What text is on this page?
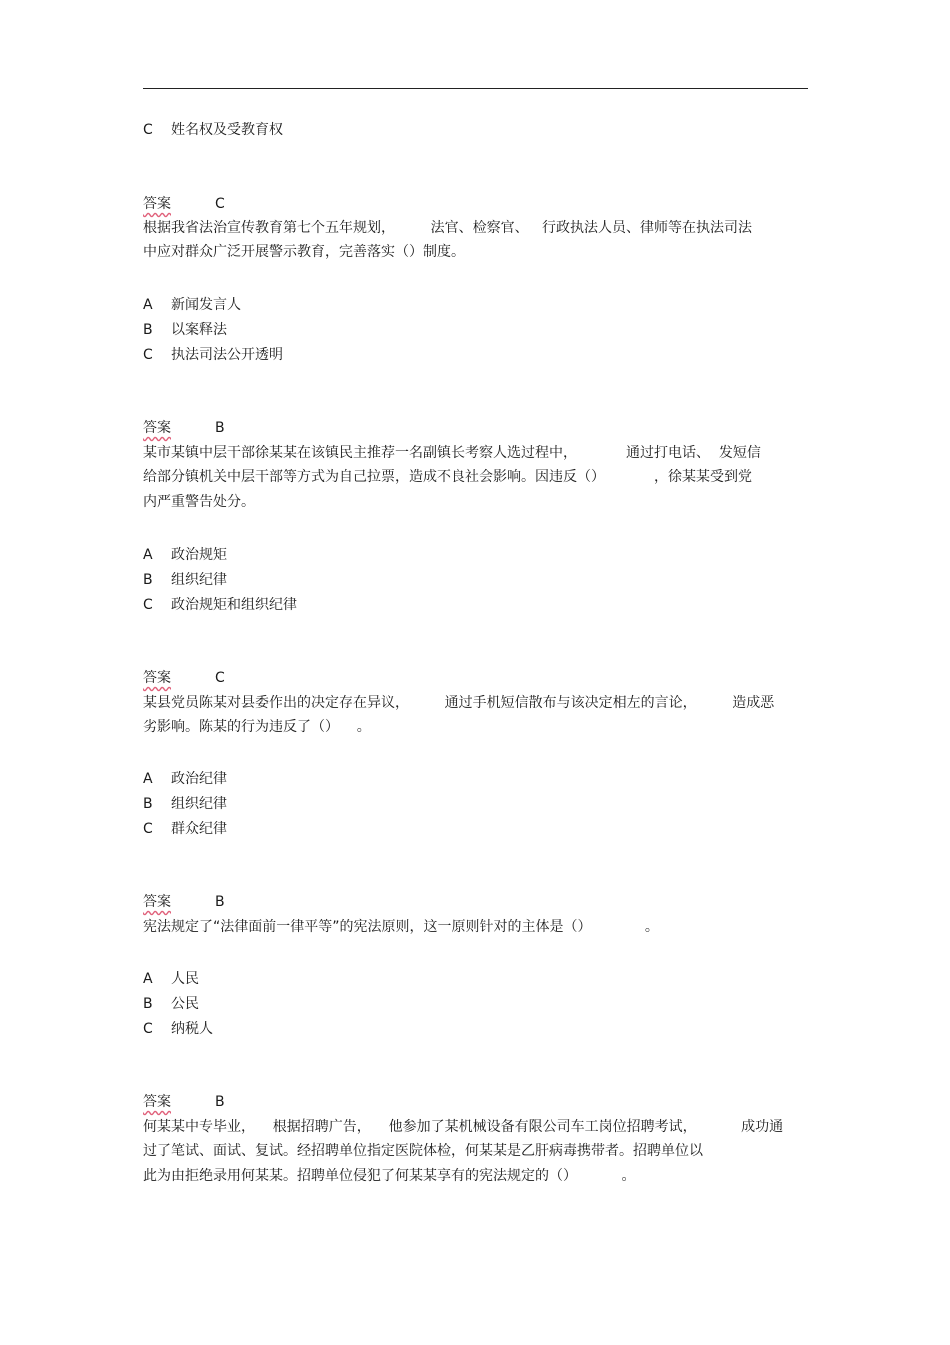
C 姓名权及受教育权
答案	C
根据我省法治宣传教育第七个五年规划，        法官、检察官、   行政执法人员、律师等在执法司法
中应对群众广泛开展警示教育，完善落实（）制度。
A 新闻发言人
B 以案释法
C 执法司法公开透明
答案	B
某市某镇中层干部徐某某在该镇民主推荐一名副镇长考察人选过程中，           通过打电话、  发短信
给部分镇机关中层干部等方式为自己拉票，造成不良社会影响。因违反（）           ，徐某某受到党
内严重警告处分。
A 政治规矩
B 组织纪律
C 政治规矩和组织纪律
答案	C
某县党员陈某对县委作出的决定存在异议，        通过手机短信散布与该决定相左的言论，        造成恶
劣影响。陈某的行为违反了（）    。
A 政治纪律
B 组织纪律
C 群众纪律
答案	B
宪法规定了“法律面前一律平等”的宪法原则，这一原则针对的主体是（）            。
A 人民
B 公民
C 纳税人
答案	B
何某某中专毕业，    根据招聘广告，    他参加了某机械设备有限公司车工岗位招聘考试，          成功通
过了笔试、面试、复试。经招聘单位指定医院体检，何某某是乙肝病毒携带者。招聘单位以
此为由拒绝录用何某某。招聘单位侵犯了何某某享有的宪法规定的（）          。
